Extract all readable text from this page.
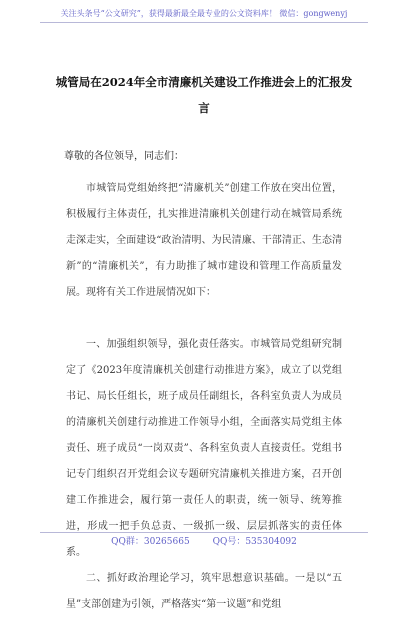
关注头条号“公文研究”，获得最新最全最专业的公文资料库！ 微信：gongwenyj
城管局在2024年全市清廉机关建设工作推进会上的汇报发言
尊敬的各位领导，同志们：

市城管局党组始终把“清廉机关”创建工作放在突出位置，积极履行主体责任，扎实推进清廉机关创建行动在城管局系统走深走实，全面建设“政治清明、为民清廉、干部清正、生态清新”的“清廉机关”，有力助推了城市建设和管理工作高质量发展。现将有关工作进展情况如下：

一、加强组织领导，强化责任落实。市城管局党组研究制定了《2023年度清廉机关创建行动推进方案》，成立了以党组书记、局长任组长，班子成员任副组长，各科室负责人为成员的清廉机关创建行动推进工作领导小组，全面落实局党组主体责任、班子成员“一岗双责”、各科室负责人直接责任。党组书记专门组织召开党组会议专题研究清廉机关推进方案，召开创建工作推进会，履行第一责任人的职责，统一领导、统筹推进，形成一把手负总责、一级抓一级、层层抓落实的责任体系。

二、抓好政治理论学习，筑牢思想意识基础。一是以“五星”支部创建为引领，严格落实“第一议题”和党组

QQ群：30265665	QQ号：535304092
